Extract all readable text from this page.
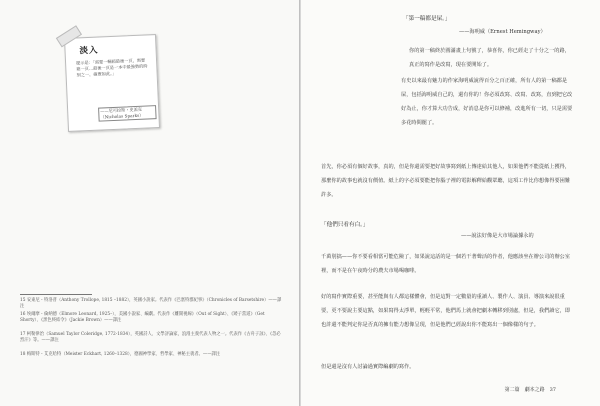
淡入
提示是：「需要一輛箱最後一頁，需要箱一頁…最後一頁是一本中最強勢的時刻之一，確實如此。」
——尼可拉斯・史派克（Nicholas Sparks）
15 安東尼・特洛普（Anthony Trollope, 1815 –1882），英國小說家。代表作《巴塞特郡紀事》（Chronicles of Barsetshire）——譯注
16 埃爾摩・倫納德（Elmore Leonard, 1925–），美國小說家、編劇。代表作《離開視線》（Out of Sight）、《矮子當道》（Get Shorty）、《黑色終結令》（Jackie Brown）——譯注
17 柯勒律治（Samuel Taylor Coleridge, 1772-1834），英國詩人、文學評論家，浪漫主義代表人物之一。代表作《古舟子詠》、《忽必烈汗》等。——譯注
18 梅斯特・艾克哈特（Meister Eckhart, 1260–1328），德國神學家、哲學家、神秘主義者。——譯注
「第一稿都是屎。」
——海明威（Ernest Hemingway）
你的第一稿終於圓滿畫上句號了，恭喜你，你已經走了十分之一的路，真正的寫作是改寫，現在要開始了。
有史以來最有魅力的作家海明威說得百分之百正確，所有人的第一稿都是屎，包括海明威自己的，還有你的！你必須改寫、改寫、改寫，直到把它改好為止，你才算大功告成，好消息是你可以修補，改進所有一切，只是需要多花時間罷了。
首先，你必須有個好故事，真的，但是你還需要把好故事寫到紙上傳達給其他人，如果他們不能從紙上獲得，那麼你的故事也就沒有價值。紙上的字必須要能把你腦子裡的電影解釋給觀眾聽，這項工作比你想像得要困難許多。
「他們只看有白。」
——說法好像是大市場論據永的
千萬別搞——你不要看相當可能危險了，如果說這話的是一個若干著聲活的作者，他應該坐在辦公司的辦公室裡，而不是在午夜時分的農夫市場喝咖啡。
好的寫作實際重要，甚至能與有人都這樣體會，但是這對一定數量的重讀人、製作人、演員、導演來說很重要，更不要說主要這點，如果寫得太淨單，輕輕平常，他們馬上就會把劇本轉移到別處，但是，我們讀它，即也許還不能判定你是否真的擁有能力想像呈現，但是他們已經說出你不能寫出一個像樣的句子。
但是還是沒有人討論過實際編劇的寫作。
第二篇　劇本之路　37
